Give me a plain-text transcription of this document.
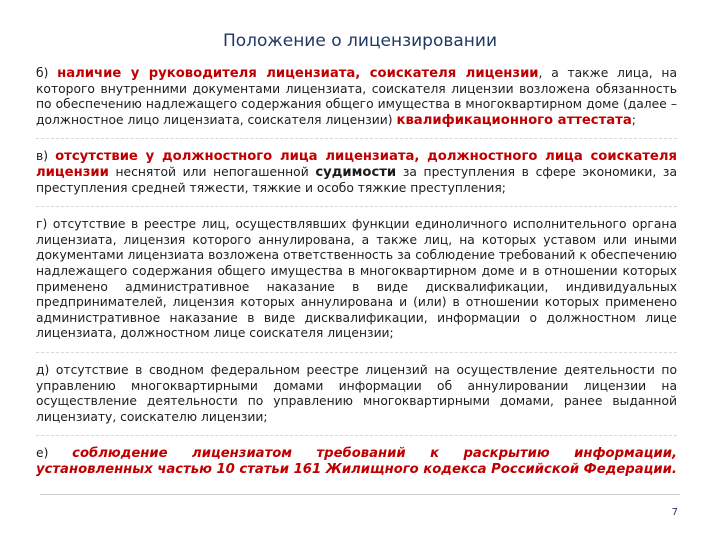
Положение о лицензировании

б) наличие у руководителя лицензиата, соискателя лицензии, а также лица, на которого внутренними документами лицензиата, соискателя лицензии возложена обязанность по обеспечению надлежащего содержания общего имущества в многоквартирном доме (далее – должностное лицо лицензиата, соискателя лицензии) квалификационного аттестата;

в) отсутствие у должностного лица лицензиата, должностного лица соискателя лицензии неснятой или непогашенной судимости за преступления в сфере экономики, за преступления средней тяжести, тяжкие и особо тяжкие преступления;

г) отсутствие в реестре лиц, осуществлявших функции единоличного исполнительного органа лицензиата, лицензия которого аннулирована, а также лиц, на которых уставом или иными документами лицензиата возложена ответственность за соблюдение требований к обеспечению надлежащего содержания общего имущества в многоквартирном доме и в отношении которых применено административное наказание в виде дисквалификации, индивидуальных предпринимателей, лицензия которых аннулирована и (или) в отношении которых применено административное наказание в виде дисквалификации, информации о должностном лице лицензиата, должностном лице соискателя лицензии;

д) отсутствие в сводном федеральном реестре лицензий на осуществление деятельности по управлению многоквартирными домами информации об аннулировании лицензии на осуществление деятельности по управлению многоквартирными домами, ранее выданной лицензиату, соискателю лицензии;

е) соблюдение лицензиатом требований к раскрытию информации, установленных частью 10 статьи 161 Жилищного кодекса Российской Федерации.

7
